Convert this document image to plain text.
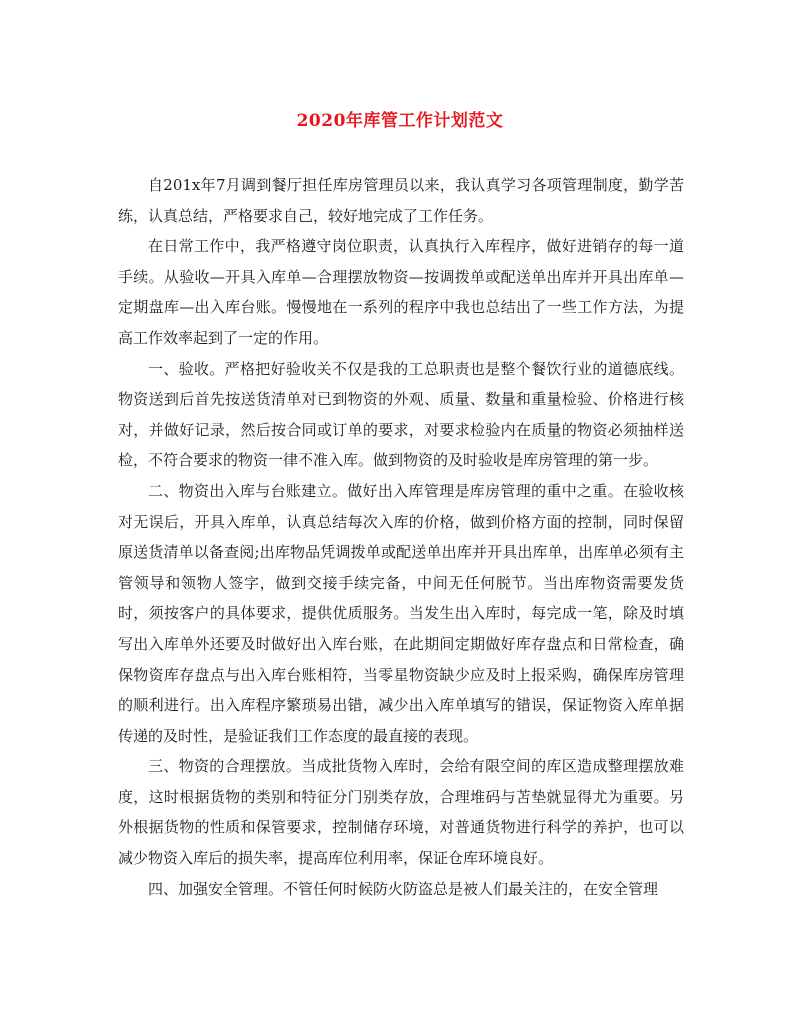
2020年库管工作计划范文

自201x年7月调到餐厅担任库房管理员以来，我认真学习各项管理制度，勤学苦练，认真总结，严格要求自己，较好地完成了工作任务。

在日常工作中，我严格遵守岗位职责，认真执行入库程序，做好进销存的每一道手续。从验收—开具入库单—合理摆放物资—按调拨单或配送单出库并开具出库单—定期盘库—出入库台账。慢慢地在一系列的程序中我也总结出了一些工作方法，为提高工作效率起到了一定的作用。

一、验收。严格把好验收关不仅是我的工总职责也是整个餐饮行业的道德底线。物资送到后首先按送货清单对已到物资的外观、质量、数量和重量检验、价格进行核对，并做好记录，然后按合同或订单的要求，对要求检验内在质量的物资必须抽样送检，不符合要求的物资一律不准入库。做到物资的及时验收是库房管理的第一步。

二、物资出入库与台账建立。做好出入库管理是库房管理的重中之重。在验收核对无误后，开具入库单，认真总结每次入库的价格，做到价格方面的控制，同时保留原送货清单以备查阅;出库物品凭调拨单或配送单出库并开具出库单，出库单必须有主管领导和领物人签字，做到交接手续完备，中间无任何脱节。当出库物资需要发货时，须按客户的具体要求，提供优质服务。当发生出入库时，每完成一笔，除及时填写出入库单外还要及时做好出入库台账，在此期间定期做好库存盘点和日常检查，确保物资库存盘点与出入库台账相符，当零星物资缺少应及时上报采购，确保库房管理的顺利进行。出入库程序繁琐易出错，减少出入库单填写的错误，保证物资入库单据传递的及时性，是验证我们工作态度的最直接的表现。

三、物资的合理摆放。当成批货物入库时，会给有限空间的库区造成整理摆放难度，这时根据货物的类别和特征分门别类存放，合理堆码与苫垫就显得尤为重要。另外根据货物的性质和保管要求，控制储存环境，对普通货物进行科学的养护，也可以减少物资入库后的损失率，提高库位利用率，保证仓库环境良好。

四、加强安全管理。不管任何时候防火防盗总是被人们最关注的，在安全管理
